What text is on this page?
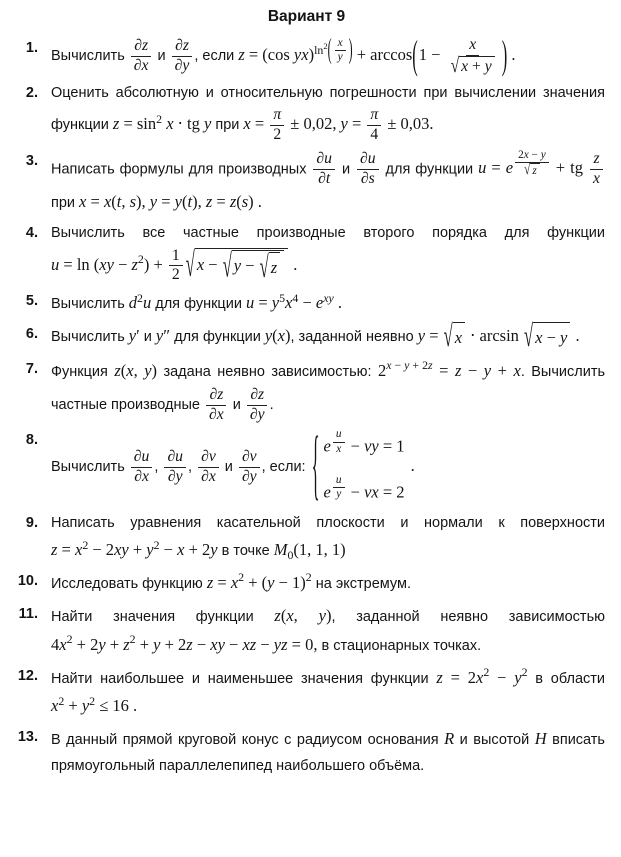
Вариант 9
1.
Вычислить $\frac{\partial z}{\partial x}$ и $\frac{\partial z}{\partial y}$ , если z = (cos yx)ln2 ( $\frac{x}{y}$ ) + arccos ( $1 - \frac{x}{√ x + y}$ ) .
2. Оценить абсолютную и относительную погрешности при вычислении значения функции z = sin2 x ⋅ tg y при $x = \frac{\pi}{2} \pm 0,02$, $y = \frac{\pi}{4} \pm 0,03$.
3.
Написать формулы для производных $\frac{\partial u}{\partial t}$ и $\frac{\partial u}{\partial s}$ для функции u = e $\frac{2x - y}{√ z}$ + tg $\frac{z}{x}$
при x = x(t, s), y = y(t), z = z(s) .
4. Вычислить все частные производные второго порядка для функции $u = \ln (xy - z2) + \frac{1}{2}$ √ x − √ y − √ z .
5. Вычислить d2u для функции u = y5x4 − exy .
6. Вычислить y′ и y″ для функции y(x), заданной неявно y = √ x ⋅ arcsin √ x − y .
7. Функция z(x, y) задана неявно зависимостью: 2x − y + 2z = z − y + x. Вычислить частные производные $\frac{\partial z}{\partial x}$ и $\frac{\partial z}{\partial y}$ .
8.
Вычислить $\frac{\partial u}{\partial x}$ , $\frac{\partial u}{\partial y}$ , $\frac{\partial v}{\partial x}$ и $\frac{\partial v}{\partial y}$ , если: { e $\frac{u}{x}$ − vy = 1
e $\frac{u}{y}$ − vx = 2
.
9. Написать уравнения касательной плоскости и нормали к поверхности z = x2 − 2xy + y2 − x + 2y в точке M0(1, 1, 1)
10. Исследовать функцию z = x2 + (y − 1)2 на экстремум.
11. Найти значения функции z(x, y), заданной неявно зависимостью 4x2 + 2y + z2 + y + 2z − xy − xz − yz = 0, в стационарных точках.
12. Найти наибольшее и наименьшее значения функции z = 2x2 − y2 в области x2 + y2 ≤ 16 .
13. В данный прямой круговой конус с радиусом основания R и высотой H вписать прямоугольный параллелепипед наибольшего объёма.
